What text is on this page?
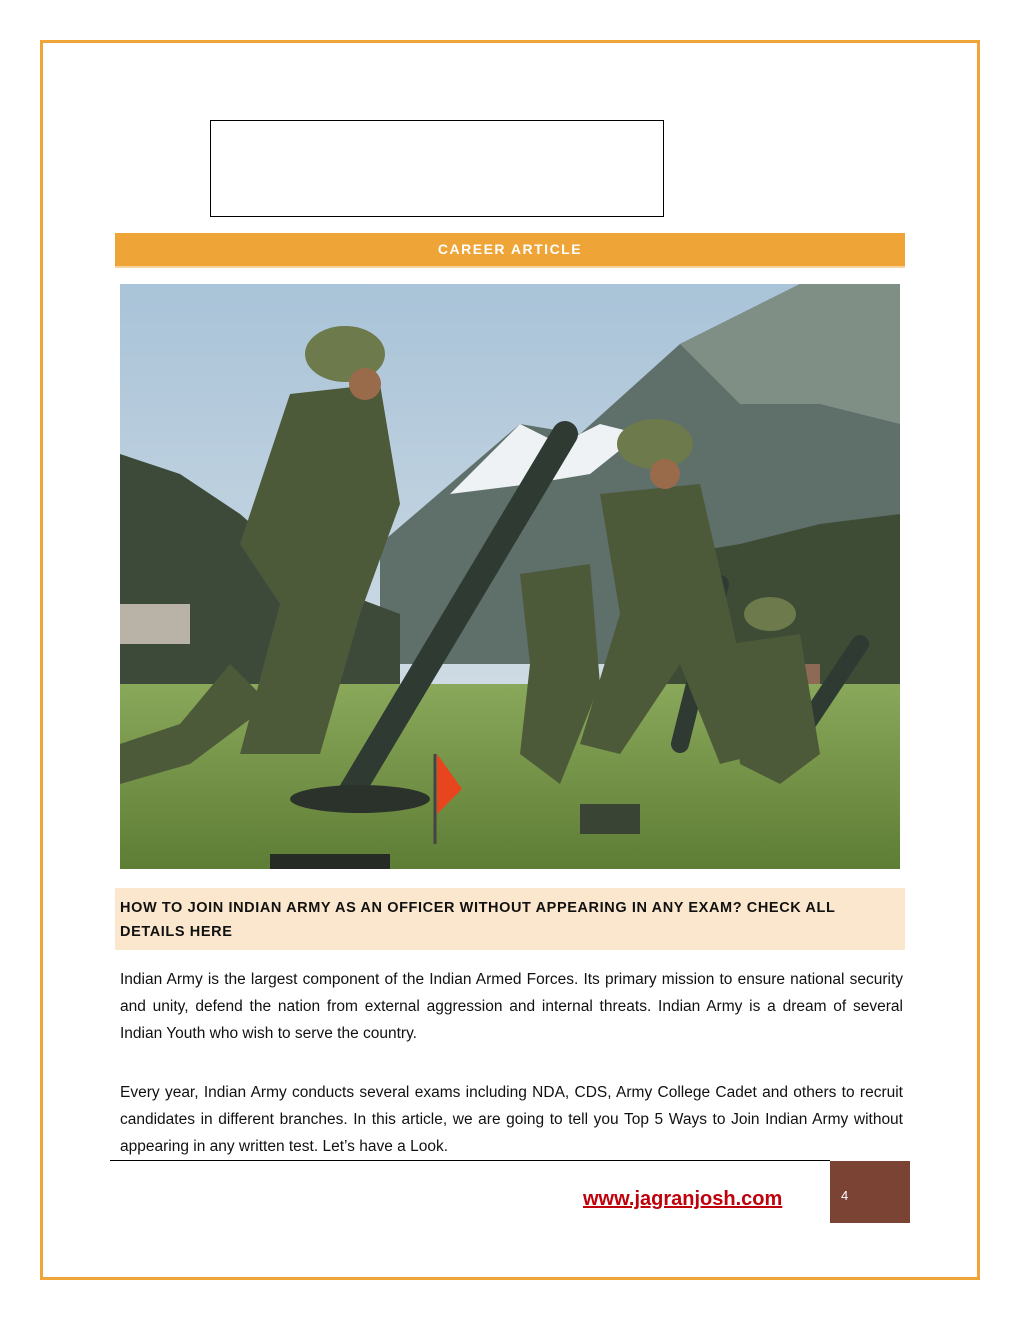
CAREER ARTICLE

HOW TO JOIN INDIAN ARMY AS AN OFFICER WITHOUT APPEARING IN ANY EXAM? CHECK ALL DETAILS HERE

Indian Army is the largest component of the Indian Armed Forces. Its primary mission to ensure national security and unity, defend the nation from external aggression and internal threats. Indian Army is a dream of several Indian Youth who wish to serve the country.

Every year, Indian Army conducts several exams including NDA, CDS, Army College Cadet and others to recruit candidates in different branches. In this article, we are going to tell you Top 5 Ways to Join Indian Army without appearing in any written test. Let’s have a Look.

www.jagranjosh.com	4
